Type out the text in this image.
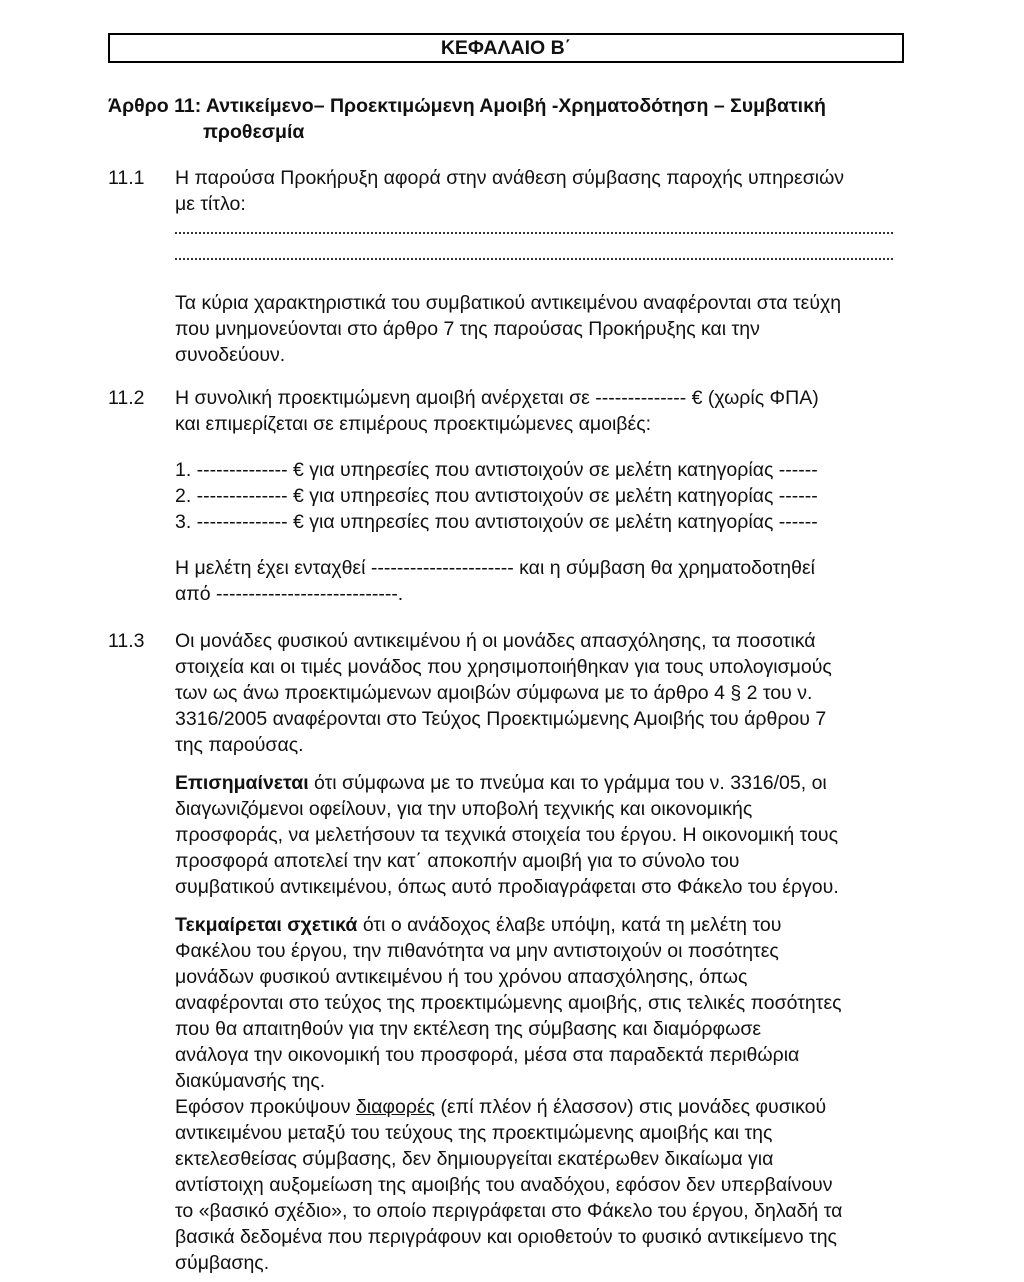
ΚΕΦΑΛΑΙΟ Β΄
Άρθρο 11: Αντικείμενο– Προεκτιμώμενη Αμοιβή -Χρηματοδότηση – Συμβατική
προθεσμία
11.1 Η παρούσα Προκήρυξη αφορά στην ανάθεση σύμβασης παροχής υπηρεσιών
με τίτλο:
Τα κύρια χαρακτηριστικά του συμβατικού αντικειμένου αναφέρονται στα τεύχη
που μνημονεύονται στο άρθρο 7 της παρούσας Προκήρυξης και την
συνοδεύουν.
11.2 Η συνολική προεκτιμώμενη αμοιβή ανέρχεται σε -------------- € (χωρίς ΦΠΑ)
και επιμερίζεται σε επιμέρους προεκτιμώμενες αμοιβές:
1. -------------- € για υπηρεσίες που αντιστοιχούν σε μελέτη κατηγορίας ------
2. -------------- € για υπηρεσίες που αντιστοιχούν σε μελέτη κατηγορίας ------
3. -------------- € για υπηρεσίες που αντιστοιχούν σε μελέτη κατηγορίας ------
Η μελέτη έχει ενταχθεί ---------------------- και η σύμβαση θα χρηματοδοτηθεί
από ----------------------------.
11.3 Οι μονάδες φυσικού αντικειμένου ή οι μονάδες απασχόλησης, τα ποσοτικά
στοιχεία και οι τιμές μονάδος που χρησιμοποιήθηκαν για τους υπολογισμούς
των ως άνω προεκτιμώμενων αμοιβών σύμφωνα με το άρθρο 4 § 2 του ν.
3316/2005 αναφέρονται στο Τεύχος Προεκτιμώμενης Αμοιβής του άρθρου 7
της παρούσας.
Επισημαίνεται ότι σύμφωνα με το πνεύμα και το γράμμα του ν. 3316/05, οι
διαγωνιζόμενοι οφείλουν, για την υποβολή τεχνικής και οικονομικής
προσφοράς, να μελετήσουν τα τεχνικά στοιχεία του έργου. Η οικονομική τους
προσφορά αποτελεί την κατ΄ αποκοπήν αμοιβή για το σύνολο του
συμβατικού αντικειμένου, όπως αυτό προδιαγράφεται στο Φάκελο του έργου.
Τεκμαίρεται σχετικά ότι ο ανάδοχος έλαβε υπόψη, κατά τη μελέτη του
Φακέλου του έργου, την πιθανότητα να μην αντιστοιχούν οι ποσότητες
μονάδων φυσικού αντικειμένου ή του χρόνου απασχόλησης, όπως
αναφέρονται στο τεύχος της προεκτιμώμενης αμοιβής, στις τελικές ποσότητες
που θα απαιτηθούν για την εκτέλεση της σύμβασης και διαμόρφωσε
ανάλογα την οικονομική του προσφορά, μέσα στα παραδεκτά περιθώρια
διακύμανσής της.
Εφόσον προκύψουν διαφορές (επί πλέον ή έλασσον) στις μονάδες φυσικού
αντικειμένου μεταξύ του τεύχους της προεκτιμώμενης αμοιβής και της
εκτελεσθείσας σύμβασης, δεν δημιουργείται εκατέρωθεν δικαίωμα για
αντίστοιχη αυξομείωση της αμοιβής του αναδόχου, εφόσον δεν υπερβαίνουν
το «βασικό σχέδιο», το οποίο περιγράφεται στο Φάκελο του έργου, δηλαδή τα
βασικά δεδομένα που περιγράφουν και οριοθετούν το φυσικό αντικείμενο της
σύμβασης.
